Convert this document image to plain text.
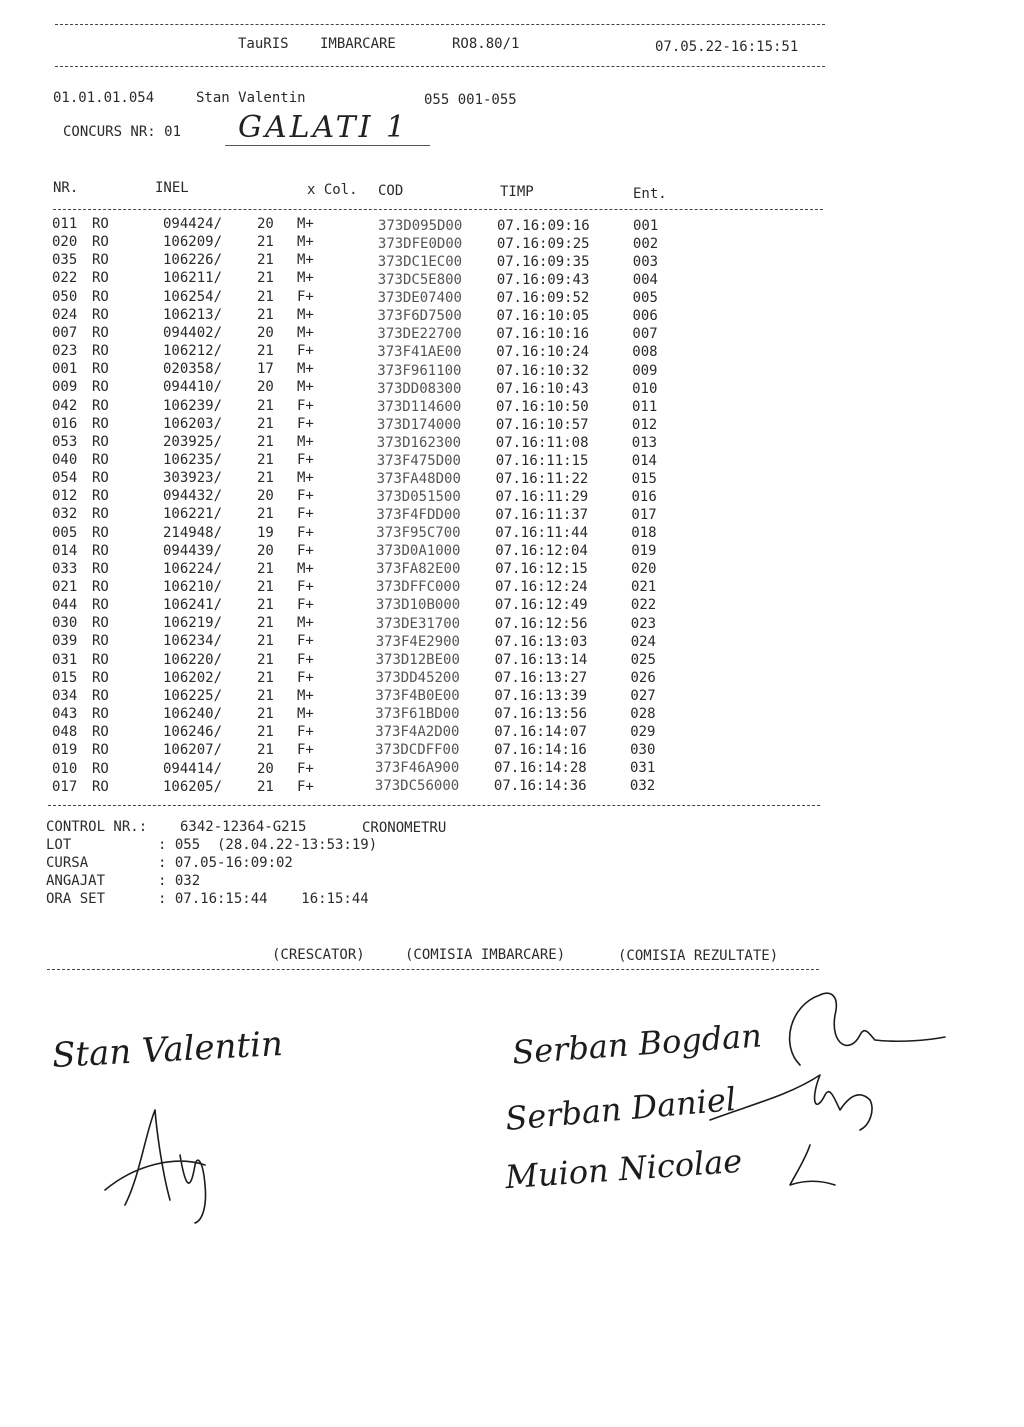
TauRIS IMBARCARE	RO8.80/1	07.05.22-16:15:51
01.01.01.054	Stan Valentin	055 001-055
CONCURS NR: 01 GALATI 1
NR.	INEL	x Col. COD	TIMP	Ent.
011 RO	094424/ 20 M+	373D095D00 07.16:09:16	001
020 RO	106209/ 21 M+	373DFE0D00 07.16:09:25	002
035 RO	106226/ 21 M+	373DC1EC00 07.16:09:35	003
022 RO	106211/ 21 M+	373DC5E800 07.16:09:43	004
050 RO	106254/ 21 F+	373DE07400 07.16:09:52	005
024 RO	106213/ 21 M+	373F6D7500 07.16:10:05	006
007 RO	094402/ 20 M+	373DE22700 07.16:10:16	007
023 RO	106212/ 21 F+	373F41AE00 07.16:10:24	008
001 RO	020358/ 17 M+	373F961100 07.16:10:32	009
009 RO	094410/ 20 M+	373DD08300 07.16:10:43	010
042 RO	106239/ 21 F+	373D114600 07.16:10:50	011
016 RO	106203/ 21 F+	373D174000 07.16:10:57	012
053 RO	203925/ 21 M+	373D162300 07.16:11:08	013
040 RO	106235/ 21 F+	373F475D00 07.16:11:15	014
054 RO	303923/ 21 M+	373FA48D00 07.16:11:22	015
012 RO	094432/ 20 F+	373D051500 07.16:11:29	016
032 RO	106221/ 21 F+	373F4FDD00 07.16:11:37	017
005 RO	214948/ 19 F+	373F95C700 07.16:11:44	018
014 RO	094439/ 20 F+	373D0A1000 07.16:12:04	019
033 RO	106224/ 21 M+	373FA82E00 07.16:12:15	020
021 RO	106210/ 21 F+	373DFFC000 07.16:12:24	021
044 RO	106241/ 21 F+	373D10B000 07.16:12:49	022
030 RO	106219/ 21 M+	373DE31700 07.16:12:56	023
039 RO	106234/ 21 F+	373F4E2900 07.16:13:03	024
031 RO	106220/ 21 F+	373D12BE00 07.16:13:14	025
015 RO	106202/ 21 F+	373DD45200 07.16:13:27	026
034 RO	106225/ 21 M+	373F4B0E00 07.16:13:39	027
043 RO	106240/ 21 M+	373F61BD00 07.16:13:56	028
048 RO	106246/ 21 F+	373F4A2D00 07.16:14:07	029
019 RO	106207/ 21 F+	373DCDFF00 07.16:14:16	030
010 RO	094414/ 20 F+	373F46A900 07.16:14:28	031
017 RO	106205/ 21 F+	373DC56000 07.16:14:36	032
CONTROL NR.: 6342-12364-G215	CRONOMETRU
LOT	: 055  (28.04.22-13:53:19)
CURSA	: 07.05-16:09:02
ANGAJAT	: 032
ORA SET	: 07.16:15:44    16:15:44
(CRESCATOR)	(COMISIA IMBARCARE)	(COMISIA REZULTATE)
Stan Valentin	Serban Bogdan
Serban Daniel
Muion Nicolae
